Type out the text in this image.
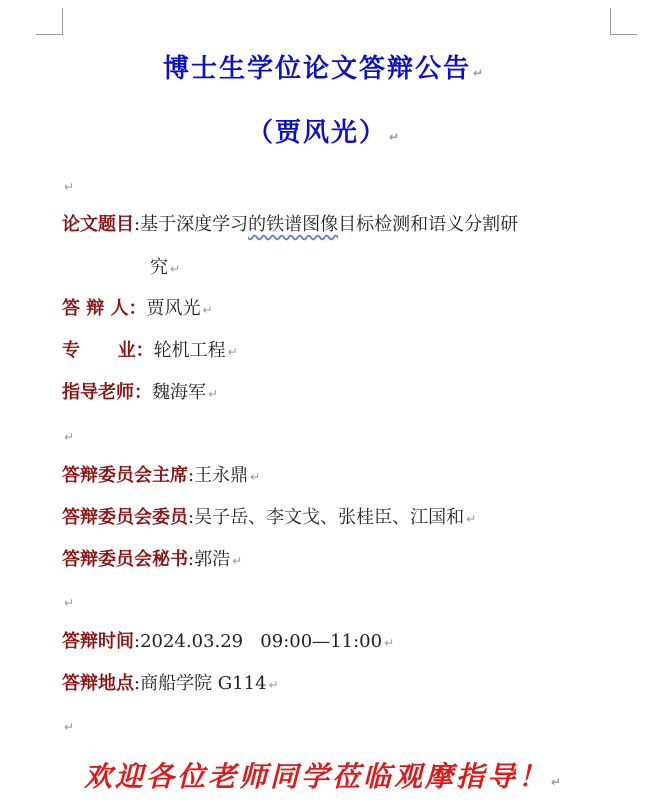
博士生学位论文答辩公告 ↵
（贾风光） ↵
↵
论文题目:基于深度学习的铁谱图像目标检测和语义分割研
究 ↵
答 辩 人：贾风光 ↵
专      业：轮机工程 ↵
指导老师：魏海军 ↵
↵
答辩委员会主席:王永鼎 ↵
答辩委员会委员:吴子岳、李文戈、张桂臣、江国和 ↵
答辩委员会秘书:郭浩 ↵
↵
答辩时间:2024.03.29   09:00—11:00 ↵
答辩地点:商船学院 G114 ↵
↵
欢迎各位老师同学莅临观摩指导！ ↵
